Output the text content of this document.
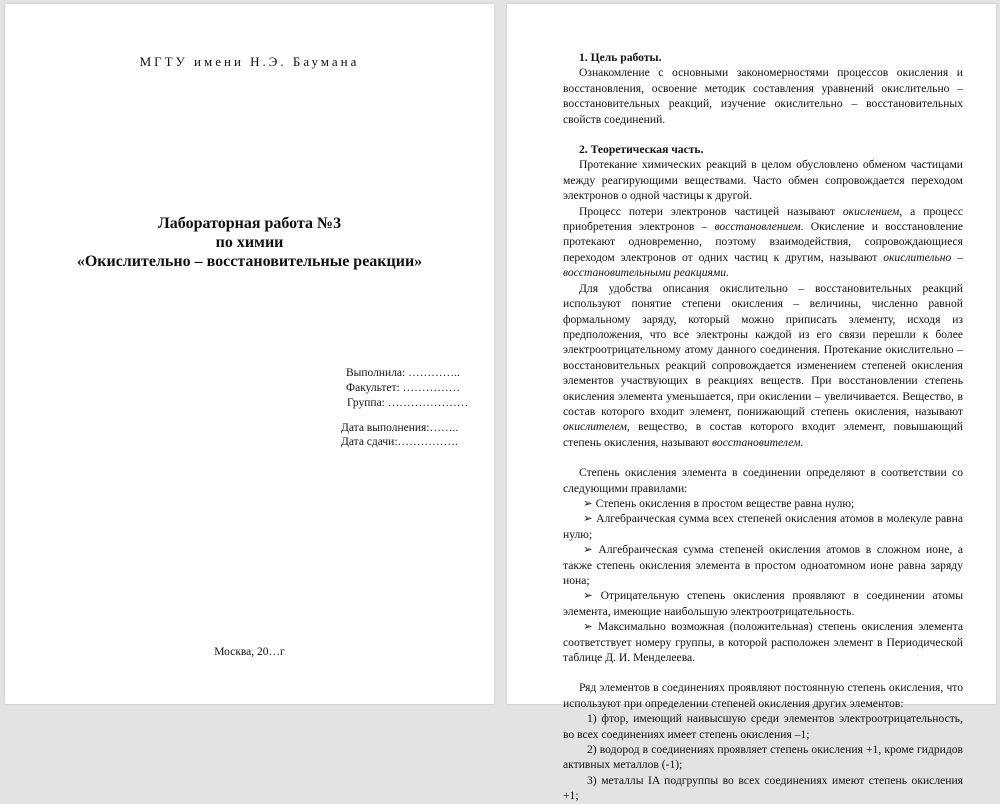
МГТУ имени Н.Э. Баумана
Лабораторная работа №3
по химии
«Окислительно – восстановительные реакции»
Выполнила: …………..
Факультет: ……………
Группа: …………………
Дата выполнения:……..
Дата сдачи:…………….
Москва, 20…г
1. Цель работы.

Ознакомление с основными закономерностями процессов окисления и восстановления, освоение методик составления уравнений окислительно – восстановительных реакций, изучение окислительно – восстановительных свойств соединений.

2. Теоретическая часть.

Протекание химических реакций в целом обусловлено обменом частицами между реагирующими веществами. Часто обмен сопровождается переходом электронов о одной частицы к другой.

Процесс потери электронов частицей называют окислением, а процесс приобретения электронов – восстановлением. Окисление и восстановление протекают одновременно, поэтому взаимодействия, сопровождающиеся переходом электронов от одних частиц к другим, называют окислительно – восстановительными реакциями.

Для удобства описания окислительно – восстановительных реакций используют понятие степени окисления – величины, численно равной формальному заряду, который можно приписать элементу, исходя из предположения, что все электроны каждой из его связи перешли к более электроотрицательному атому данного соединения. Протекание окислительно – восстановительных реакций сопровождается изменением степеней окисления элементов участвующих в реакциях веществ. При восстановлении степень окисления элемента уменьшается, при окислении – увеличивается. Вещество, в состав которого входит элемент, понижающий степень окисления, называют окислителем, вещество, в состав которого входит элемент, повышающий степень окисления, называют восстановителем.

Степень окисления элемента в соединении определяют в соответствии со следующими правилами:

➢ Степень окисления в простом веществе равна нулю;

➢ Алгебраическая сумма всех степеней окисления атомов в молекуле равна нулю;

➢ Алгебраическая сумма степеней окисления атомов в сложном ионе, а также степень окисления элемента в простом одноатомном ионе равна заряду иона;

➢ Отрицательную степень окисления проявляют в соединении атомы элемента, имеющие наибольшую электроотрицательность.

➢ Максимально возможная (положительная) степень окисления элемента соответствует номеру группы, в которой расположен элемент в Периодической таблице Д. И. Менделеева.

Ряд элементов в соединениях проявляют постоянную степень окисления, что используют при определении степеней окисления других элементов:

1) фтор, имеющий наивысшую среди элементов электроотрицательность, во всех соединениях имеет степень окисления –1;

2) водород в соединениях проявляет степень окисления +1, кроме гидридов активных металлов (-1);

3) металлы IA подгруппы во всех соединениях имеют степень окисления +1;
